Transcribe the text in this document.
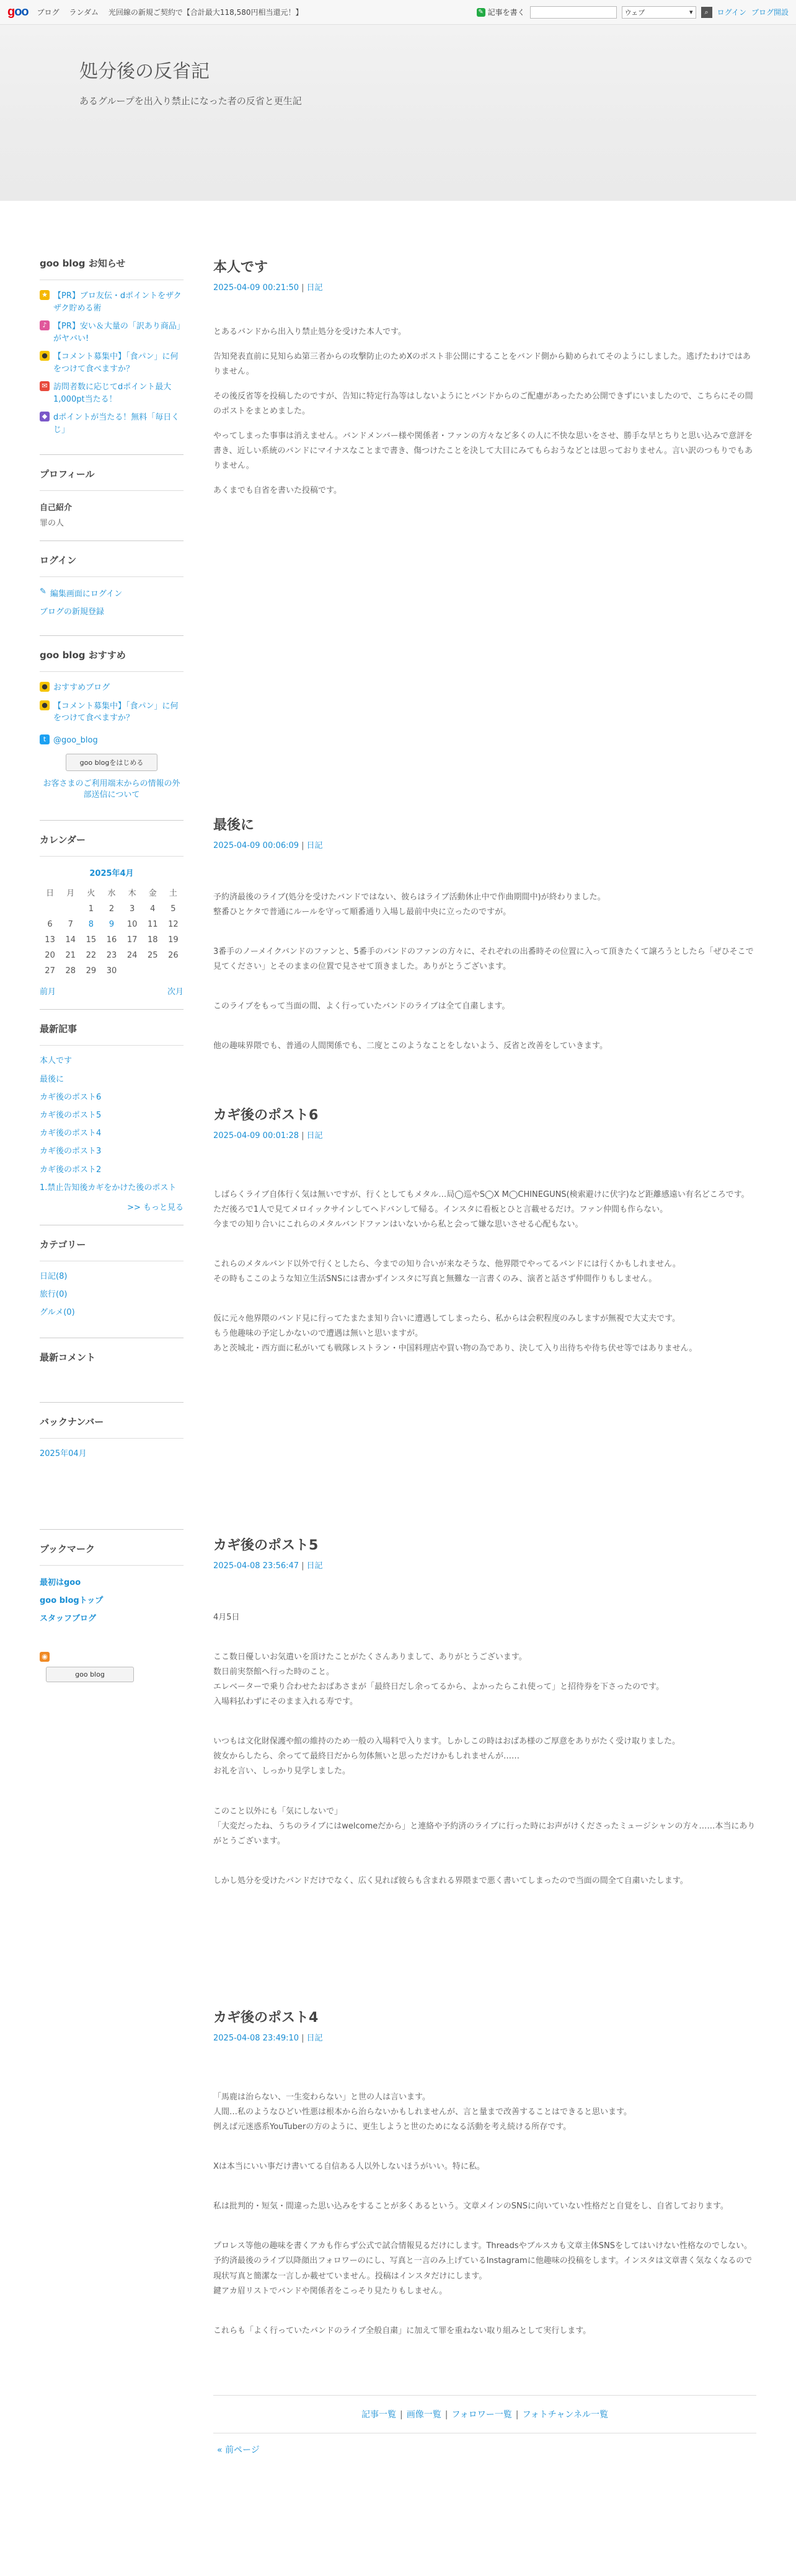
goo ブログ ランダム 光回線の新規ご契約で【合計最大118,580円相当還元！】	✎ 記事を書く	ウェブ	▾	⌕	ログイン ブログ開設
処分後の反省記
あるグループを出入り禁止になった者の反省と更生記
goo blog お知らせ
★ 【PR】ブロ友伝・dポイントをザクザク貯める術
♪ 【PR】安い＆大量の「訳あり商品」がヤバい!
● 【コメント募集中】「食パン」に何をつけて食べますか？
✉ 訪問者数に応じてdポイント最大1,000pt当たる！
◆ dポイントが当たる！無料「毎日くじ」
プロフィール
自己紹介
罪の人
ログイン
✎ 編集画面にログイン
ブログの新規登録
goo blog おすすめ
● おすすめブログ
● 【コメント募集中】「食パン」に何をつけて食べますか？
t @goo_blog
goo blogをはじめる
お客さまのご利用端末からの情報の外部送信について
カレンダー
2025年4月
日	月	火	水	木	金	土
		1	2	3	4	5
6	7	8	9	10	11	12
13	14	15	16	17	18	19
20	21	22	23	24	25	26
27	28	29	30			
前月	次月
最新記事
本人です
最後に
カギ後のポスト6
カギ後のポスト5
カギ後のポスト4
カギ後のポスト3
カギ後のポスト2
1.禁止告知後カギをかけた後のポスト
>> もっと見る
カテゴリー
日記(8)
旅行(0)
グルメ(0)
最新コメント
バックナンバー
2025年04月
ブックマーク
最初はgoo
goo blogトップ
スタッフブログ
◉
goo blog
本人です
2025-04-09 00:21:50 | 日記

とあるバンドから出入り禁止処分を受けた本人です。

告知発表直前に見知らぬ第三者からの攻撃防止のためXのポスト非公開にすることをバンド側から勧められてそのようにしました。逃げたわけではありません。

その後反省等を投稿したのですが、告知に特定行為等はしないようにとバンドからのご配慮があったため公開できずにいましたので、こちらにその間のポストをまとめました。

やってしまった事事は消えません。バンドメンバー様や関係者・ファンの方々など多くの人に不快な思いをさせ、勝手な早とちりと思い込みで意評を書き、近しい系統のバンドにマイナスなことまで書き、傷つけたことを決して大目にみてもらおうなどとは思っておりません。言い訳のつもりでもありません。

あくまでも自省を書いた投稿です。

最後に
2025-04-09 00:06:09 | 日記

予約済最後のライブ(処分を受けたバンドではない、彼らはライブ活動休止中で作曲期間中)が終わりました。
整番ひとケタで普通にルールを守って順番通り入場し最前中央に立ったのですが。

3番手のノーメイクバンドのファンと、5番手のバンドのファンの方々に、それぞれの出番時その位置に入って頂きたくて譲ろうとしたら「ぜひそこで見てください」とそのままの位置で見させて頂きました。ありがとうございます。

このライブをもって当面の間、よく行っていたバンドのライブは全て自粛します。

他の趣味界隈でも、普通の人間関係でも、二度とこのようなことをしないよう、反省と改善をしていきます。

カギ後のポスト6
2025-04-09 00:01:28 | 日記

しばらくライブ自体行く気は無いですが、行くとしてもメタル…局◯巡やS◯X M◯CHINEGUNS(検索避けに伏字)など距離感遠い有名どころです。
ただ後ろで1人で見てメロイックサインしてヘドバンして帰る。インスタに看板とひと言載せるだけ。ファン仲間も作らない。
今までの知り合いにこれらのメタルバンドファンはいないから私と会って嫌な思いさせる心配もない。

これらのメタルバンド以外で行くとしたら、今までの知り合いが来なそうな、他界隈でやってるバンドには行くかもしれません。
その時もここのような知立生活SNSには書かずインスタに写真と無難な一言書くのみ、演者と話さず仲間作りもしません。

仮に元々他界隈のバンド見に行ってたまたま知り合いに遭遇してしまったら、私からは会釈程度のみしますが無視で大丈夫です。
もう他趣味の予定しかないので遭遇は無いと思いますが。
あと茨城北・西方面に私がいても戦隊レストラン・中国料理店や買い物の為であり、決して入り出待ちや待ち伏せ等ではありません。

カギ後のポスト5
2025-04-08 23:56:47 | 日記

4月5日

ここ数日優しいお気遣いを頂けたことがたくさんありまして、ありがとうございます。
数日前実祭館へ行った時のこと。
エレベーターで乗り合わせたおばあさまが「最終日だし余ってるから、よかったらこれ使って」と招待券を下さったのです。
入場料払わずにそのまま入れる寿です。

いつもは文化財保護や館の維持のため一般の入場料で入ります。しかしこの時はおばあ様のご厚意をありがたく受け取りました。
彼女からしたら、余ってて最終日だから勿体無いと思っただけかもしれませんが……
お礼を言い、しっかり見学しました。

このこと以外にも「気にしないで」
「大変だったね、うちのライブにはwelcomeだから」と連絡や予約済のライブに行った時にお声がけくださったミュージシャンの方々……本当にありがとうございます。

しかし処分を受けたバンドだけでなく、広く見れば彼らも含まれる界隈まで悪く書いてしまったので当面の間全て自粛いたします。

カギ後のポスト4
2025-04-08 23:49:10 | 日記

「馬鹿は治らない、一生変わらない」と世の人は言います。
人間…私のようなひどい性悪は根本から治らないかもしれませんが、言と量まで改善することはできると思います。
例えば元迷惑系YouTuberの方のように、更生しようと世のためになる活動を考え続ける所存です。

Xは本当にいい事だけ書いてる自信ある人以外しないほうがいい。特に私。

私は批判的・短気・間違った思い込みをすることが多くあるという。文章メインのSNSに向いていない性格だと自覚をし、自省しております。

プロレス等他の趣味を書くアカも作らず公式で試合情報見るだけにします。Threadsやブルスカも文章主体SNSをしてはいけない性格なのでしない。
予約済最後のライブ以降顔出フォロワーのにし、写真と一言のみ上げているInstagramに他趣味の投稿をします。インスタは文章書く気なくなるので現状写真と簡潔な一言しか載せていません。投稿はインスタだけにします。
鍵アカ眉リストでバンドや関係者をこっそり見たりもしません。

これらも「よく行っていたバンドのライブ全般自粛」に加えて罪を重ねない取り組みとして実行します。

記事一覧 | 画像一覧 | フォロワー一覧 | フォトチャンネル一覧
« 前ページ
